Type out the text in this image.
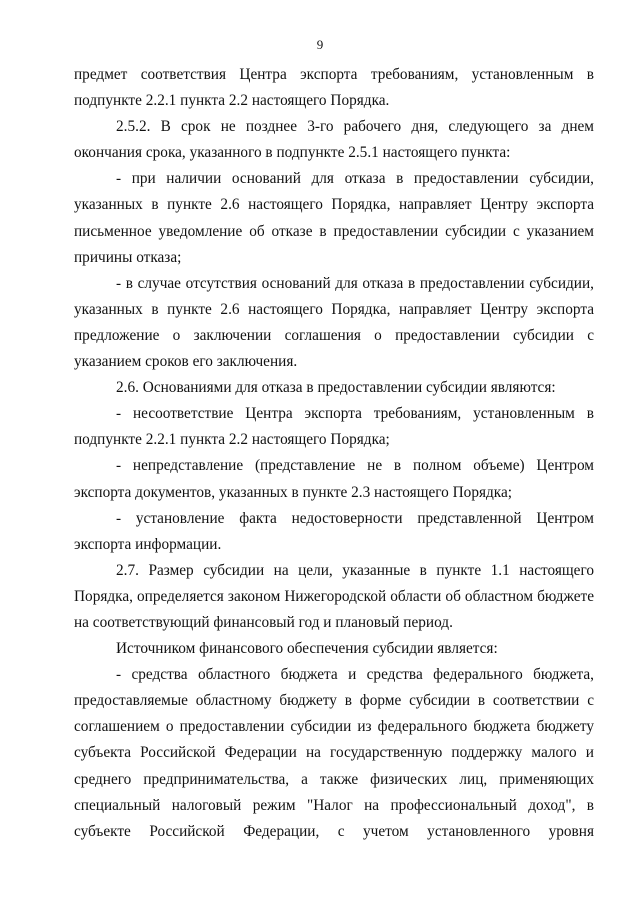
9

предмет соответствия Центра экспорта требованиям, установленным в подпункте 2.2.1 пункта 2.2 настоящего Порядка.

2.5.2. В срок не позднее 3-го рабочего дня, следующего за днем окончания срока, указанного в подпункте 2.5.1 настоящего пункта:

- при наличии оснований для отказа в предоставлении субсидии, указанных в пункте 2.6 настоящего Порядка, направляет Центру экспорта письменное уведомление об отказе в предоставлении субсидии с указанием причины отказа;

- в случае отсутствия оснований для отказа в предоставлении субсидии, указанных в пункте 2.6 настоящего Порядка, направляет Центру экспорта предложение о заключении соглашения о предоставлении субсидии с указанием сроков его заключения.

2.6. Основаниями для отказа в предоставлении субсидии являются:

- несоответствие Центра экспорта требованиям, установленным в подпункте 2.2.1 пункта 2.2 настоящего Порядка;

- непредставление (представление не в полном объеме) Центром экспорта документов, указанных в пункте 2.3 настоящего Порядка;

- установление факта недостоверности представленной Центром экспорта информации.

2.7. Размер субсидии на цели, указанные в пункте 1.1 настоящего Порядка, определяется законом Нижегородской области об областном бюджете на соответствующий финансовый год и плановый период.

Источником финансового обеспечения субсидии является:

- средства областного бюджета и средства федерального бюджета, предоставляемые областному бюджету в форме субсидии в соответствии с соглашением о предоставлении субсидии из федерального бюджета бюджету субъекта Российской Федерации на государственную поддержку малого и среднего предпринимательства, а также физических лиц, применяющих специальный налоговый режим "Налог на профессиональный доход", в субъекте Российской Федерации, с учетом установленного уровня
